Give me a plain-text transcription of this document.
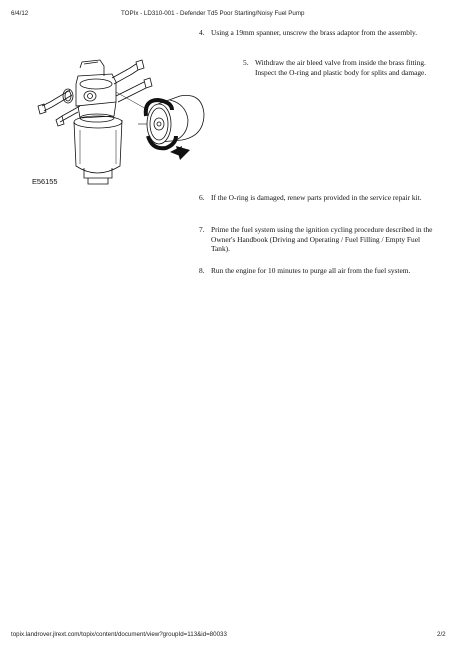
6/4/12	TOPIx - LD310-001 - Defender Td5 Poor Starting/Noisy Fuel Pump
4. Using a 19mm spanner, unscrew the brass adaptor from the assembly.
E56155
5. Withdraw the air bleed valve from inside the brass fitting. Inspect the O-ring and plastic body for splits and damage.
6. If the O-ring is damaged, renew parts provided in the service repair kit.
7. Prime the fuel system using the ignition cycling procedure described in the Owner's Handbook (Driving and Operating / Fuel Filling / Empty Fuel Tank).
8. Run the engine for 10 minutes to purge all air from the fuel system.
topix.landrover.jlrext.com/topix/content/document/view?groupId=113&id=80033	2/2
